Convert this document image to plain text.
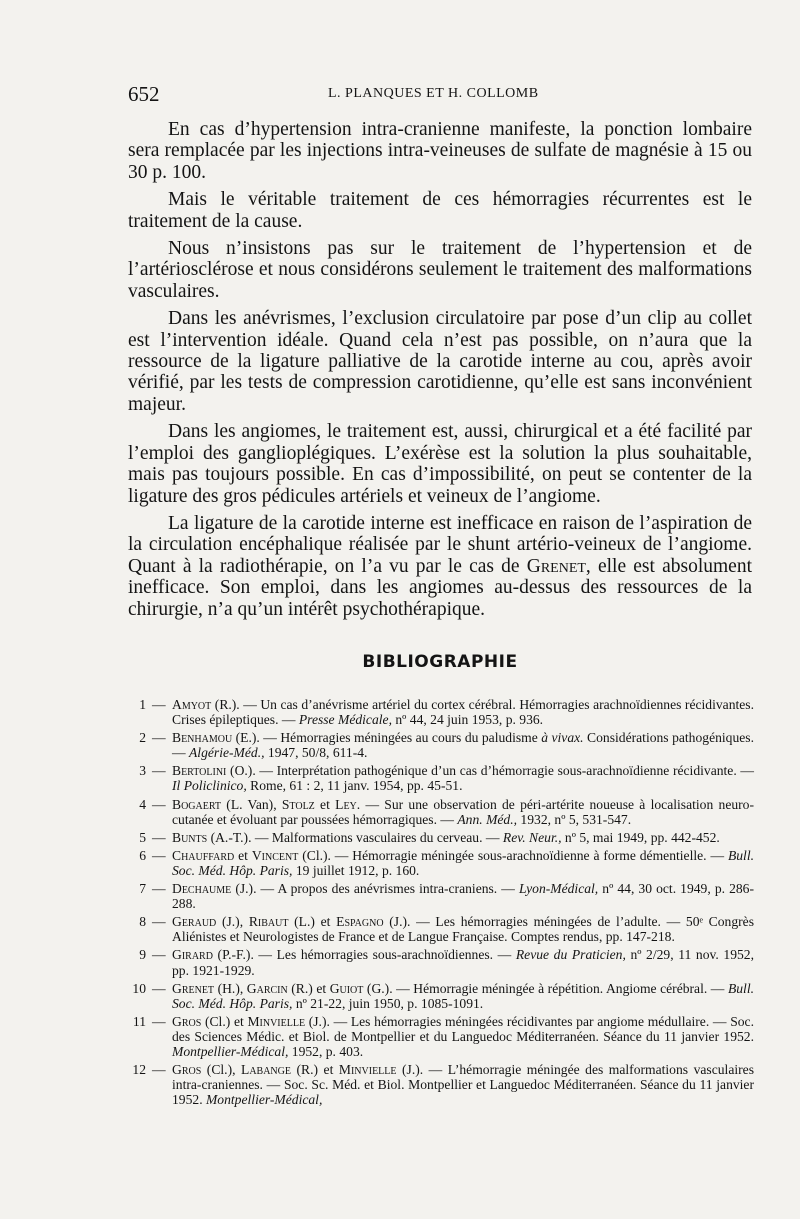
652	L. PLANQUES ET H. COLLOMB

En cas d’hypertension intra-cranienne manifeste, la ponction lombaire sera remplacée par les injections intra-veineuses de sulfate de magnésie à 15 ou 30 p. 100.

Mais le véritable traitement de ces hémorragies récurrentes est le traitement de la cause.

Nous n’insistons pas sur le traitement de l’hypertension et de l’artériosclérose et nous considérons seulement le traitement des malformations vasculaires.

Dans les anévrismes, l’exclusion circulatoire par pose d’un clip au collet est l’intervention idéale. Quand cela n’est pas possible, on n’aura que la ressource de la ligature palliative de la carotide interne au cou, après avoir vérifié, par les tests de compression carotidienne, qu’elle est sans inconvénient majeur.

Dans les angiomes, le traitement est, aussi, chirurgical et a été facilité par l’emploi des ganglioplégiques. L’exérèse est la solution la plus souhaitable, mais pas toujours possible. En cas d’impossibilité, on peut se contenter de la ligature des gros pédicules artériels et veineux de l’angiome.

La ligature de la carotide interne est inefficace en raison de l’aspiration de la circulation encéphalique réalisée par le shunt artério-veineux de l’angiome. Quant à la radiothérapie, on l’a vu par le cas de Grenet, elle est absolument inefficace. Son emploi, dans les angiomes au-dessus des ressources de la chirurgie, n’a qu’un intérêt psychothérapique.

BIBLIOGRAPHIE
1 — Amyot (R.). — Un cas d’anévrisme artériel du cortex cérébral. Hémorragies arachnoïdiennes récidivantes. Crises épileptiques. — Presse Médicale, nº 44, 24 juin 1953, p. 936.
2 — Benhamou (E.). — Hémorragies méningées au cours du paludisme à vivax. Considérations pathogéniques. — Algérie-Méd., 1947, 50/8, 611-4.
3 — Bertolini (O.). — Interprétation pathogénique d’un cas d’hémorragie sous-arachnoïdienne récidivante. — Il Policlinico, Rome, 61 : 2, 11 janv. 1954, pp. 45-51.
4 — Bogaert (L. Van), Stolz et Ley. — Sur une observation de péri-artérite noueuse à localisation neuro-cutanée et évoluant par poussées hémorragiques. — Ann. Méd., 1932, nº 5, 531-547.
5 — Bunts (A.-T.). — Malformations vasculaires du cerveau. — Rev. Neur., nº 5, mai 1949, pp. 442-452.
6 — Chauffard et Vincent (Cl.). — Hémorragie méningée sous-arachnoïdienne à forme démentielle. — Bull. Soc. Méd. Hôp. Paris, 19 juillet 1912, p. 160.
7 — Dechaume (J.). — A propos des anévrismes intra-craniens. — Lyon-Médical, nº 44, 30 oct. 1949, p. 286-288.
8 — Geraud (J.), Ribaut (L.) et Espagno (J.). — Les hémorragies méningées de l’adulte. — 50ᵉ Congrès Aliénistes et Neurologistes de France et de Langue Française. Comptes rendus, pp. 147-218.
9 — Girard (P.-F.). — Les hémorragies sous-arachnoïdiennes. — Revue du Praticien, nº 2/29, 11 nov. 1952, pp. 1921-1929.
10 — Grenet (H.), Garcin (R.) et Guiot (G.). — Hémorragie méningée à répétition. Angiome cérébral. — Bull. Soc. Méd. Hôp. Paris, nº 21-22, juin 1950, p. 1085-1091.
11 — Gros (Cl.) et Minvielle (J.). — Les hémorragies méningées récidivantes par angiome médullaire. — Soc. des Sciences Médic. et Biol. de Montpellier et du Languedoc Méditerranéen. Séance du 11 janvier 1952. Montpellier-Médical, 1952, p. 403.
12 — Gros (Cl.), Labange (R.) et Minvielle (J.). — L’hémorragie méningée des malformations vasculaires intra-craniennes. — Soc. Sc. Méd. et Biol. Montpellier et Languedoc Méditerranéen. Séance du 11 janvier 1952. Montpellier-Médical,
